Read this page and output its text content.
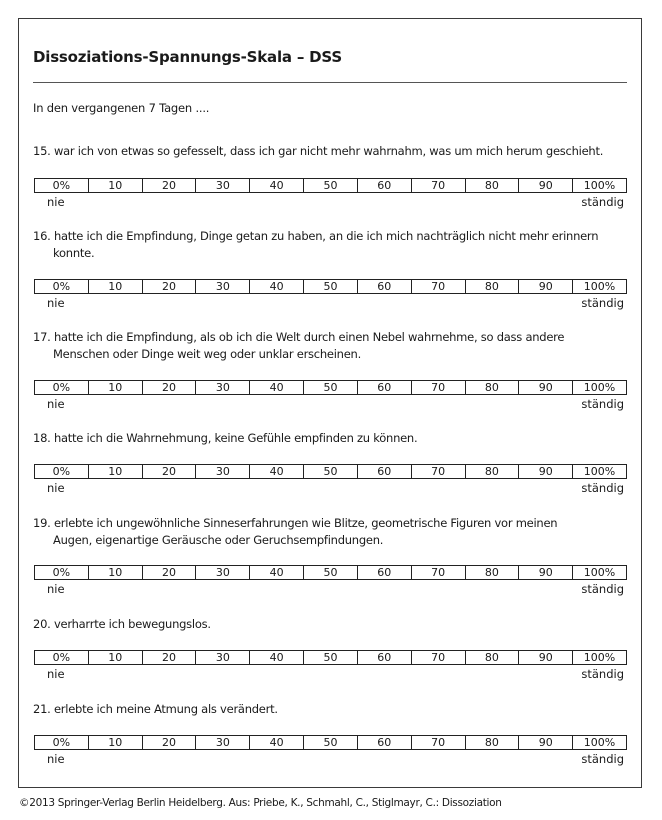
Dissoziations-Spannungs-Skala – DSS
In den vergangenen 7 Tagen ....
15. war ich von etwas so gefesselt, dass ich gar nicht mehr wahrnahm, was um mich herum geschieht.
0%	10	20	30	40	50	60	70	80	90	100%
nie	ständig
16. hatte ich die Empfindung, Dinge getan zu haben, an die ich mich nachträglich nicht mehr erinnern
konnte.
0%	10	20	30	40	50	60	70	80	90	100%
nie	ständig
17. hatte ich die Empfindung, als ob ich die Welt durch einen Nebel wahrnehme, so dass andere
Menschen oder Dinge weit weg oder unklar erscheinen.
0%	10	20	30	40	50	60	70	80	90	100%
nie	ständig
18. hatte ich die Wahrnehmung, keine Gefühle empfinden zu können.
0%	10	20	30	40	50	60	70	80	90	100%
nie	ständig
19. erlebte ich ungewöhnliche Sinneserfahrungen wie Blitze, geometrische Figuren vor meinen
Augen, eigenartige Geräusche oder Geruchsempfindungen.
0%	10	20	30	40	50	60	70	80	90	100%
nie	ständig
20. verharrte ich bewegungslos.
0%	10	20	30	40	50	60	70	80	90	100%
nie	ständig
21. erlebte ich meine Atmung als verändert.
0%	10	20	30	40	50	60	70	80	90	100%
nie	ständig
©2013 Springer-Verlag Berlin Heidelberg. Aus: Priebe, K., Schmahl, C., Stiglmayr, C.: Dissoziation
